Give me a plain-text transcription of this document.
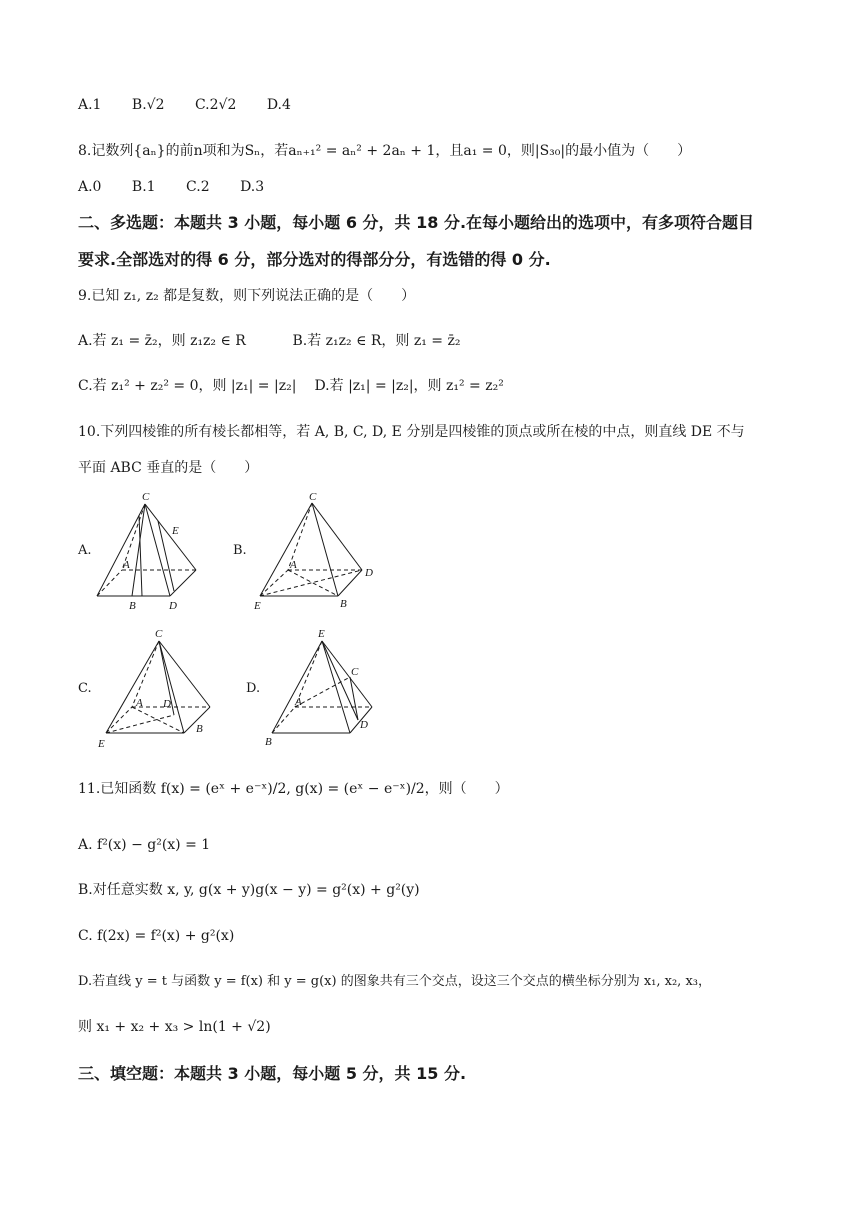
A.1 B.√2 C.2√2 D.4
8.记数列{aₙ}的前n项和为Sₙ，若aₙ₊₁² = aₙ² + 2aₙ + 1，且a₁ = 0，则|S₃₀|的最小值为（　　）
A.0 B.1 C.2 D.3
二、多选题：本题共 3 小题，每小题 6 分，共 18 分.在每小题给出的选项中，有多项符合题目
要求.全部选对的得 6 分，部分选对的得部分分，有选错的得 0 分.
9.已知 z₁, z₂ 都是复数，则下列说法正确的是（　　）
A.若 z₁ = z̄₂，则 z₁z₂ ∈ R	B.若 z₁z₂ ∈ R，则 z₁ = z̄₂
C.若 z₁² + z₂² = 0，则 |z₁| = |z₂| D.若 |z₁| = |z₂|，则 z₁² = z₂²
10.下列四棱锥的所有棱长都相等，若 A, B, C, D, E 分别是四棱锥的顶点或所在棱的中点，则直线 DE 不与
平面 ABC 垂直的是（　　）
A.
C
E
A
B	D
B.
C
A
D
E	B
C.
C
A D
B
E
D.
E
C
A
D
B
11.已知函数 f(x) = (eˣ + e⁻ˣ)/2, g(x) = (eˣ − e⁻ˣ)/2，则（　　）
A. f²(x) − g²(x) = 1
B.对任意实数 x, y, g(x + y)g(x − y) = g²(x) + g²(y)
C. f(2x) = f²(x) + g²(x)
D.若直线 y = t 与函数 y = f(x) 和 y = g(x) 的图象共有三个交点，设这三个交点的横坐标分别为 x₁, x₂, x₃，
则 x₁ + x₂ + x₃ > ln(1 + √2)
三、填空题：本题共 3 小题，每小题 5 分，共 15 分.
